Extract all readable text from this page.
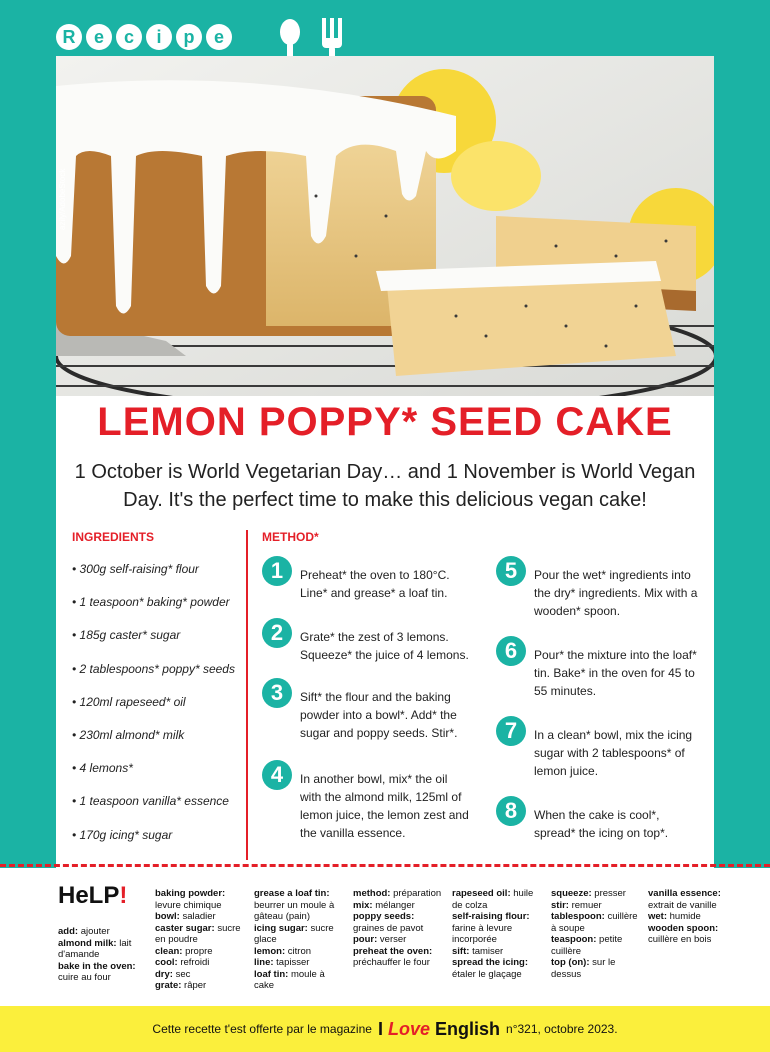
R	e	c	i	p	e
azily/AdobeStock
LEMON POPPY* SEED CAKE

1 October is World Vegetarian Day… and 1 November is World Vegan Day. It's the perfect time to make this delicious vegan cake!

INGREDIENTS	METHOD*
• 300g self-raising* flour
• 1 teaspoon* baking* powder
• 185g caster* sugar
• 2 tablespoons* poppy* seeds
• 120ml rapeseed* oil
• 230ml almond* milk
• 4 lemons*
• 1 teaspoon vanilla* essence
• 170g icing* sugar
1	Preheat* the oven to 180°C. Line* and grease* a loaf tin.
2	Grate* the zest of 3 lemons. Squeeze* the juice of 4 lemons.
3	Sift* the flour and the baking powder into a bowl*. Add* the sugar and poppy seeds. Stir*.
4	In another bowl, mix* the oil with the almond milk, 125ml of lemon juice, the lemon zest and the vanilla essence.
5	Pour the wet* ingredients into the dry* ingredients. Mix with a wooden* spoon.
6	Pour* the mixture into the loaf* tin. Bake* in the oven for 45 to 55 minutes.
7	In a clean* bowl, mix the icing sugar with 2 tablespoons* of lemon juice.
8	When the cake is cool*, spread* the icing on top*.
HeLP!
add: ajouter
almond milk: lait d'amande
bake in the oven: cuire au four
baking powder: levure chimique
bowl: saladier
caster sugar: sucre en poudre
clean: propre
cool: refroidi
dry: sec
grate: râper
grease a loaf tin: beurrer un moule à gâteau (pain)
icing sugar: sucre glace
lemon: citron
line: tapisser
loaf tin: moule à cake
method: préparation
mix: mélanger
poppy seeds: graines de pavot
pour: verser
preheat the oven: préchauffer le four
rapeseed oil: huile de colza
self-raising flour: farine à levure incorporée
sift: tamiser
spread the icing: étaler le glaçage
squeeze: presser
stir: remuer
tablespoon: cuillère à soupe
teaspoon: petite cuillère
top (on): sur le dessus
vanilla essence: extrait de vanille
wet: humide
wooden spoon: cuillère en bois
Cette recette t'est offerte par le magazine I Love English n°321, octobre 2023.
